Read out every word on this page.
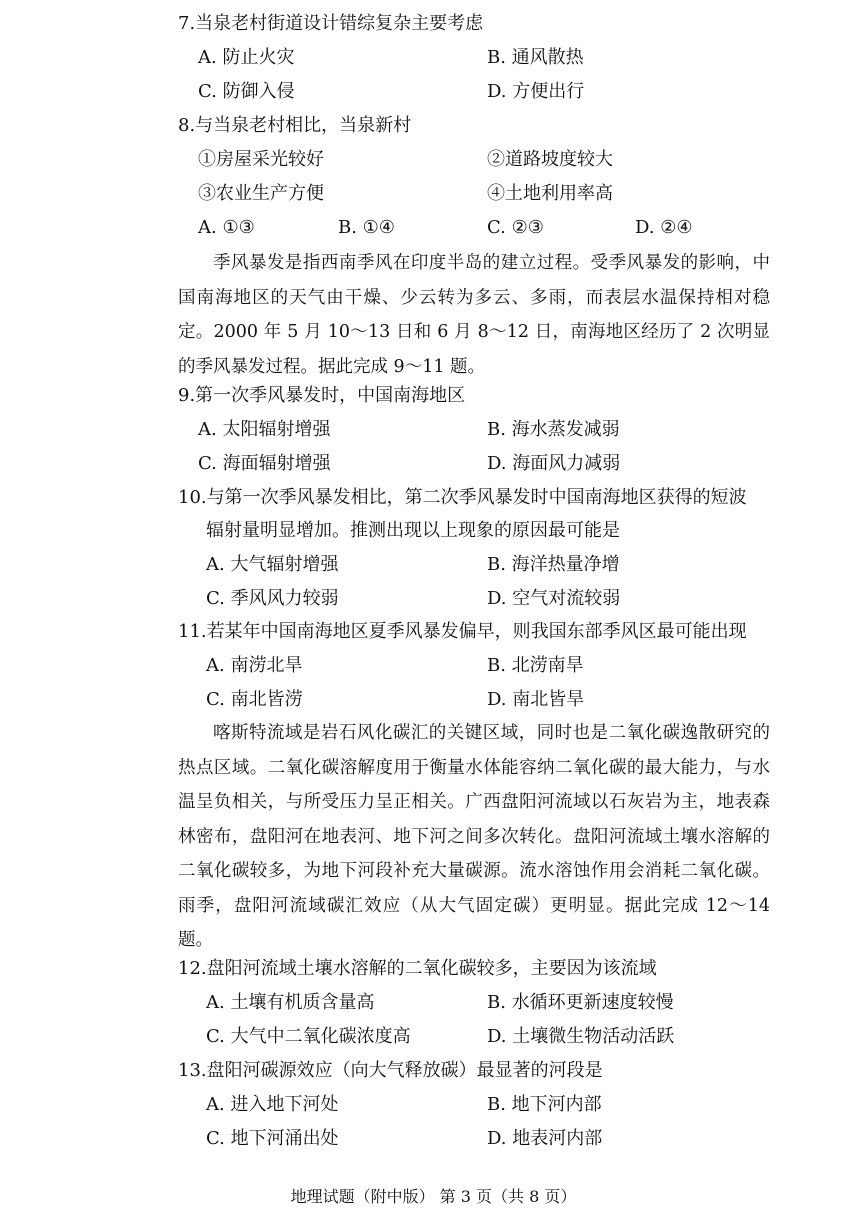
7.当泉老村街道设计错综复杂主要考虑
A. 防止火灾	B. 通风散热
C. 防御入侵	D. 方便出行
8.与当泉老村相比，当泉新村
①房屋采光较好	②道路坡度较大
③农业生产方便	④土地利用率高
A. ①③	B. ①④	C. ②③	D. ②④

季风暴发是指西南季风在印度半岛的建立过程。受季风暴发的影响，中国南海地区的天气由干燥、少云转为多云、多雨，而表层水温保持相对稳定。2000 年 5 月 10～13 日和 6 月 8～12 日，南海地区经历了 2 次明显的季风暴发过程。据此完成 9～11 题。

9.第一次季风暴发时，中国南海地区
A. 太阳辐射增强	B. 海水蒸发减弱
C. 海面辐射增强	D. 海面风力减弱
10.与第一次季风暴发相比，第二次季风暴发时中国南海地区获得的短波
辐射量明显增加。推测出现以上现象的原因最可能是
A. 大气辐射增强	B. 海洋热量净增
C. 季风风力较弱	D. 空气对流较弱
11.若某年中国南海地区夏季风暴发偏早，则我国东部季风区最可能出现
A. 南涝北旱	B. 北涝南旱
C. 南北皆涝	D. 南北皆旱

喀斯特流域是岩石风化碳汇的关键区域，同时也是二氧化碳逸散研究的热点区域。二氧化碳溶解度用于衡量水体能容纳二氧化碳的最大能力，与水温呈负相关，与所受压力呈正相关。广西盘阳河流域以石灰岩为主，地表森林密布，盘阳河在地表河、地下河之间多次转化。盘阳河流域土壤水溶解的二氧化碳较多，为地下河段补充大量碳源。流水溶蚀作用会消耗二氧化碳。雨季，盘阳河流域碳汇效应（从大气固定碳）更明显。据此完成 12～14 题。

12.盘阳河流域土壤水溶解的二氧化碳较多，主要因为该流域
A. 土壤有机质含量高	B. 水循环更新速度较慢
C. 大气中二氧化碳浓度高	D. 土壤微生物活动活跃
13.盘阳河碳源效应（向大气释放碳）最显著的河段是
A. 进入地下河处	B. 地下河内部
C. 地下河涌出处	D. 地表河内部
地理试题（附中版） 第 3 页（共 8 页）
